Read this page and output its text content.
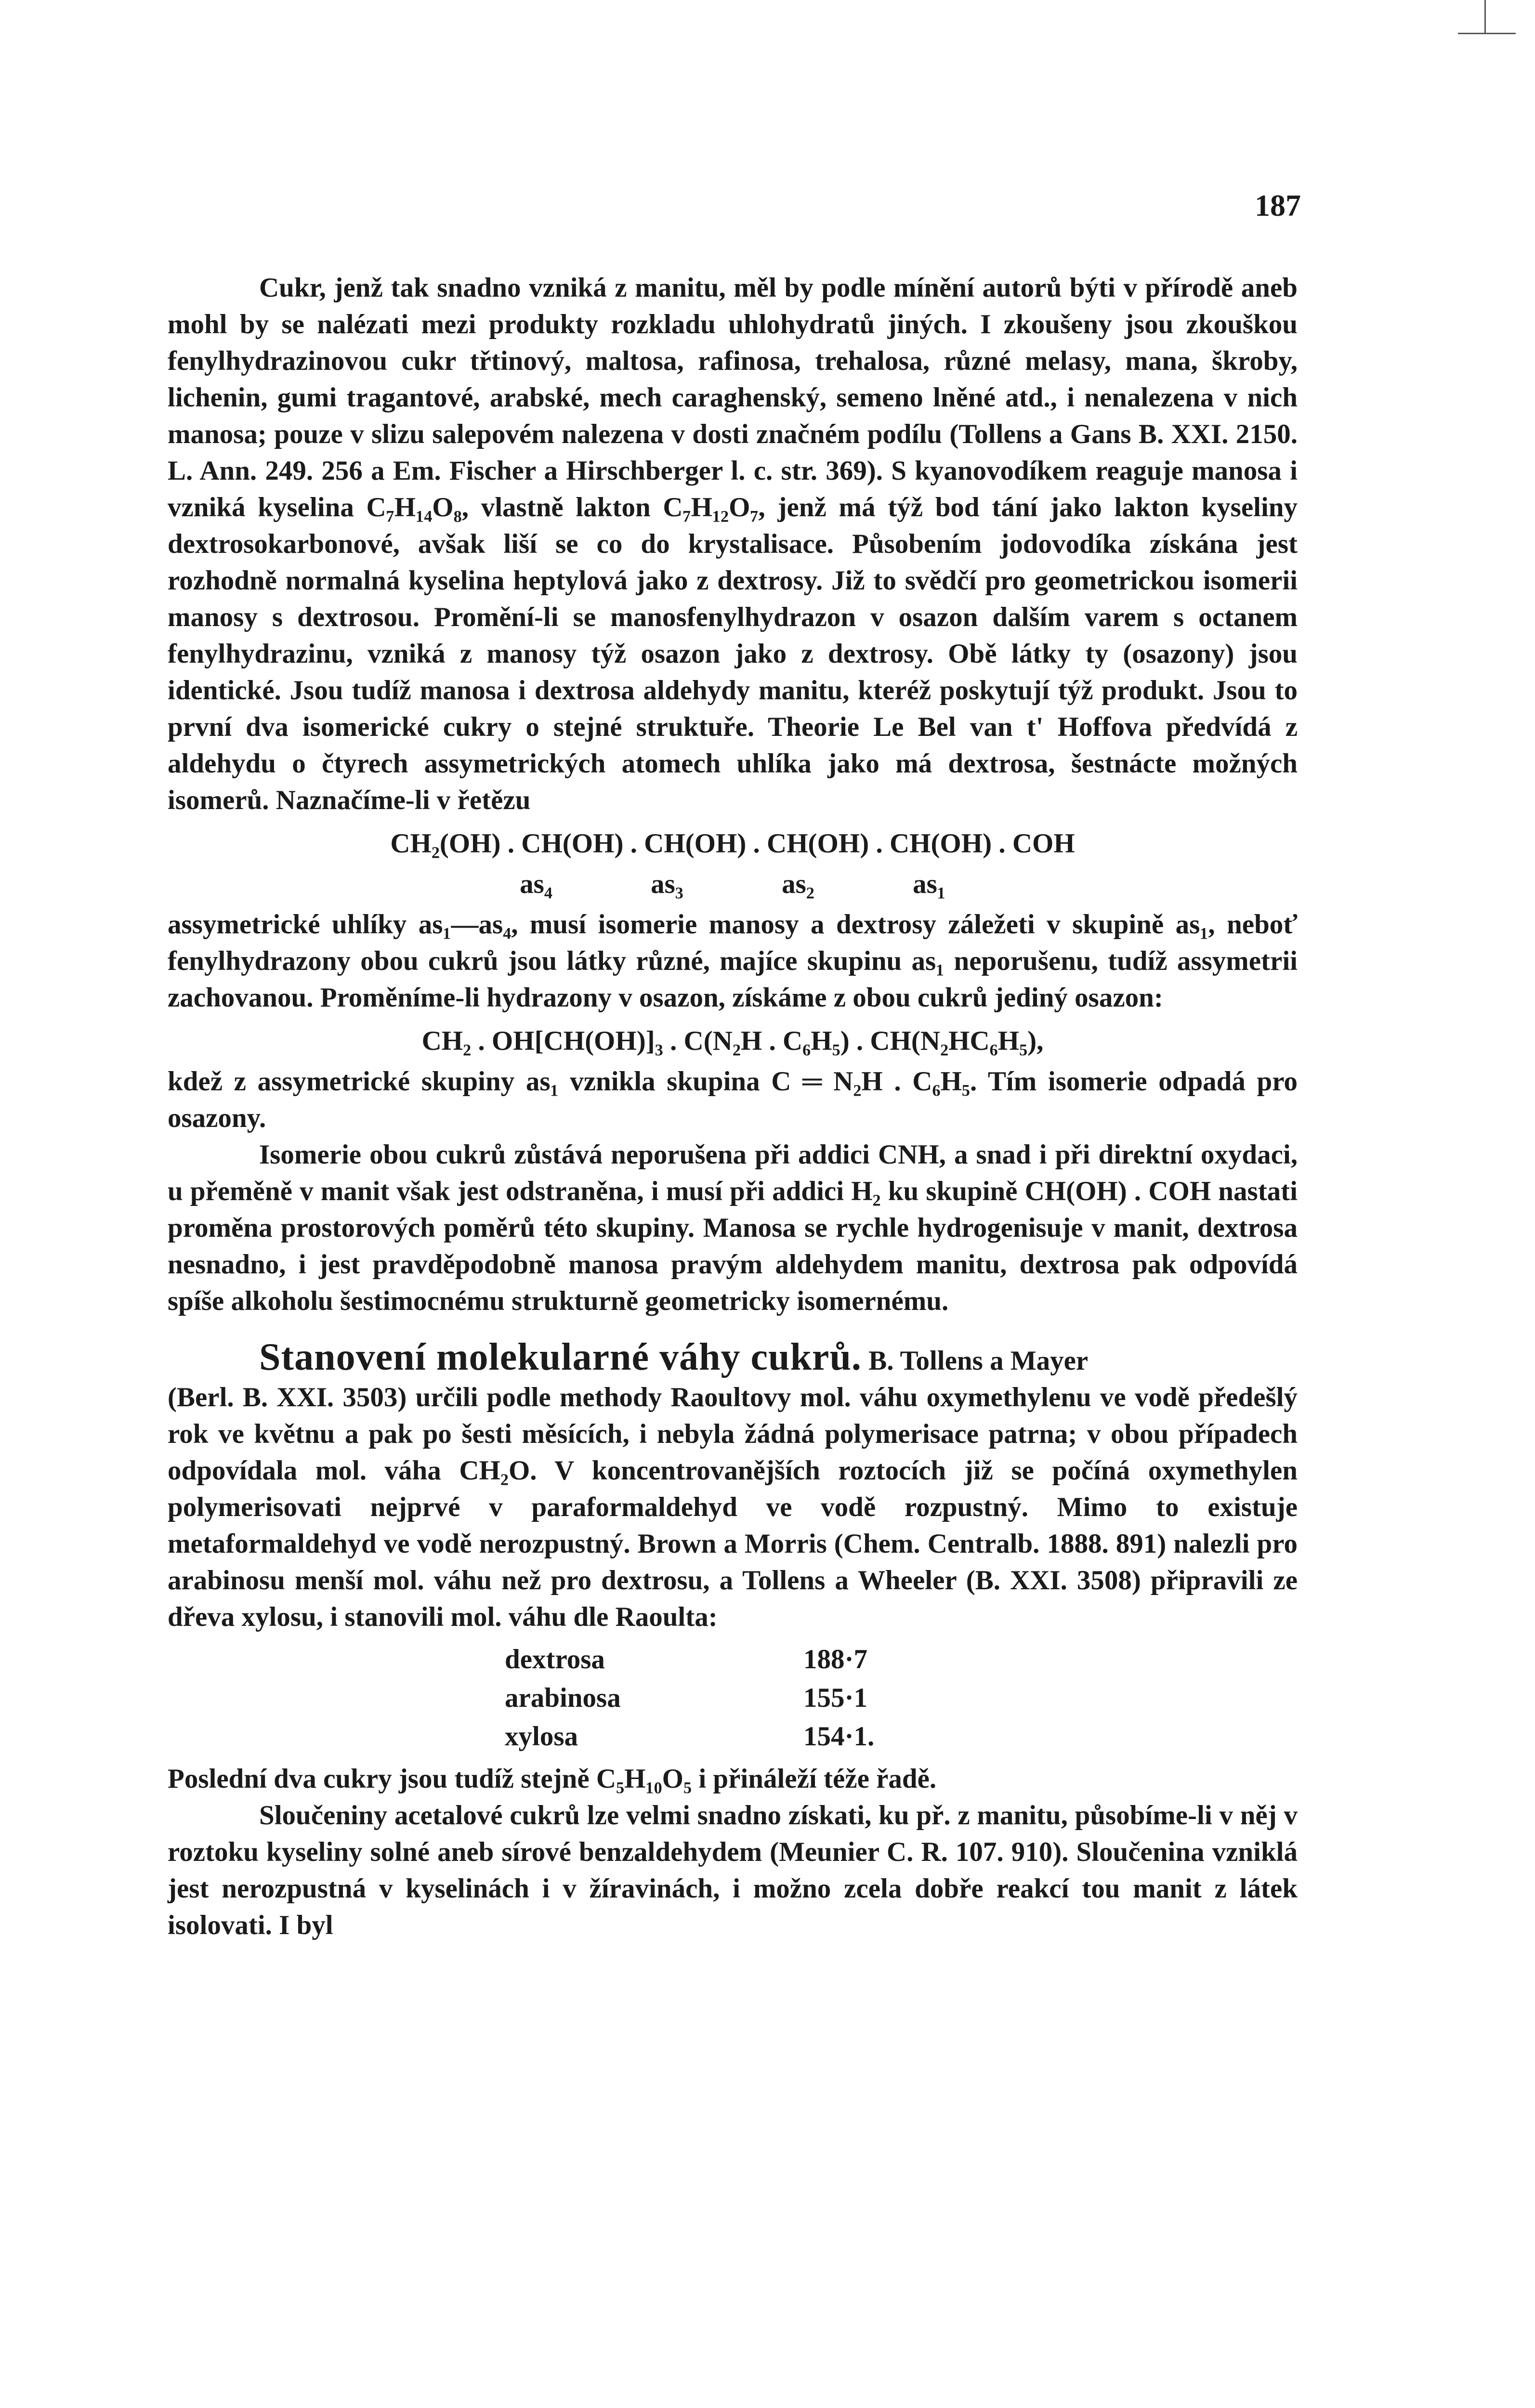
187

Cukr, jenž tak snadno vzniká z manitu, měl by podle mínění autorů býti v přírodě aneb mohl by se nalézati mezi produkty rozkladu uhlohydratů jiných. I zkoušeny jsou zkouškou fenylhydrazinovou cukr třtinový, maltosa, rafinosa, trehalosa, různé melasy, mana, škroby, lichenin, gumi tragantové, arabské, mech caraghenský, semeno lněné atd., i nenalezena v nich manosa; pouze v slizu salepovém nalezena v dosti značném podílu (Tollens a Gans B. XXI. 2150. L. Ann. 249. 256 a Em. Fischer a Hirschberger l. c. str. 369). S kyanovodíkem reaguje manosa i vzniká kyselina C₇H₁₄O₈, vlastně lakton C₇H₁₂O₇, jenž má týž bod tání jako lakton kyseliny dextrosokarbonové, avšak liší se co do krystalisace. Působením jodovodíka získána jest rozhodně normalná kyselina heptylová jako z dextrosy. Již to svědčí pro geometrickou isomerii manosy s dextrosou. Promění-li se manosfenylhydrazon v osazon dalším varem s octanem fenylhydrazinu, vzniká z manosy týž osazon jako z dextrosy. Obě látky ty (osazony) jsou identické. Jsou tudíž manosa i dextrosa aldehydy manitu, kteréž poskytují týž produkt. Jsou to první dva isomerické cukry o stejné struktuře. Theorie Le Bel van t' Hoffova předvídá z aldehydu o čtyrech assymetrických atomech uhlíka jako má dextrosa, šestnácte možných isomerů. Naznačíme-li v řetězu

CH₂(OH) . CH(OH) . CH(OH) . CH(OH) . CH(OH) . COH

as₄ as₃ as₂ as₁

assymetrické uhlíky as₁—as₄, musí isomerie manosy a dextrosy záležeti v skupině as₁, neboť fenylhydrazony obou cukrů jsou látky různé, majíce skupinu as₁ neporušenu, tudíž assymetrii zachovanou. Proměníme-li hydrazony v osazon, získáme z obou cukrů jediný osazon:

CH₂ . OH[CH(OH)]₃ . C(N₂H . C₆H₅) . CH(N₂HC₆H₅),

kdež z assymetrické skupiny as₁ vznikla skupina C ═ N₂H . C₆H₅. Tím isomerie odpadá pro osazony.

Isomerie obou cukrů zůstává neporušena při addici CNH, a snad i při direktní oxydaci, u přeměně v manit však jest odstraněna, i musí při addici H₂ ku skupině CH(OH) . COH nastati proměna prostorových poměrů této skupiny. Manosa se rychle hydrogenisuje v manit, dextrosa nesnadno, i jest pravděpodobně manosa pravým aldehydem manitu, dextrosa pak odpovídá spíše alkoholu šestimocnému strukturně geometricky isomernému.

Stanovení molekularné váhy cukrů. B. Tollens a Mayer

(Berl. B. XXI. 3503) určili podle methody Raoultovy mol. váhu oxymethylenu ve vodě předešlý rok ve květnu a pak po šesti měsících, i nebyla žádná polymerisace patrna; v obou případech odpovídala mol. váha CH₂O. V koncentrovanějších roztocích již se počíná oxymethylen polymerisovati nejprvé v paraformaldehyd ve vodě rozpustný. Mimo to existuje metaformaldehyd ve vodě nerozpustný. Brown a Morris (Chem. Centralb. 1888. 891) nalezli pro arabinosu menší mol. váhu než pro dextrosu, a Tollens a Wheeler (B. XXI. 3508) připravili ze dřeva xylosu, i stanovili mol. váhu dle Raoulta:

dextrosa	188·7
arabinosa	155·1
xylosa	154·1.

Poslední dva cukry jsou tudíž stejně C₅H₁₀O₅ i přináleží téže řadě.

Sloučeniny acetalové cukrů lze velmi snadno získati, ku př. z manitu, působíme-li v něj v roztoku kyseliny solné aneb sírové benzaldehydem (Meunier C. R. 107. 910). Sloučenina vzniklá jest nerozpustná v kyselinách i v žíravinách, i možno zcela dobře reakcí tou manit z látek isolovati. I byl
